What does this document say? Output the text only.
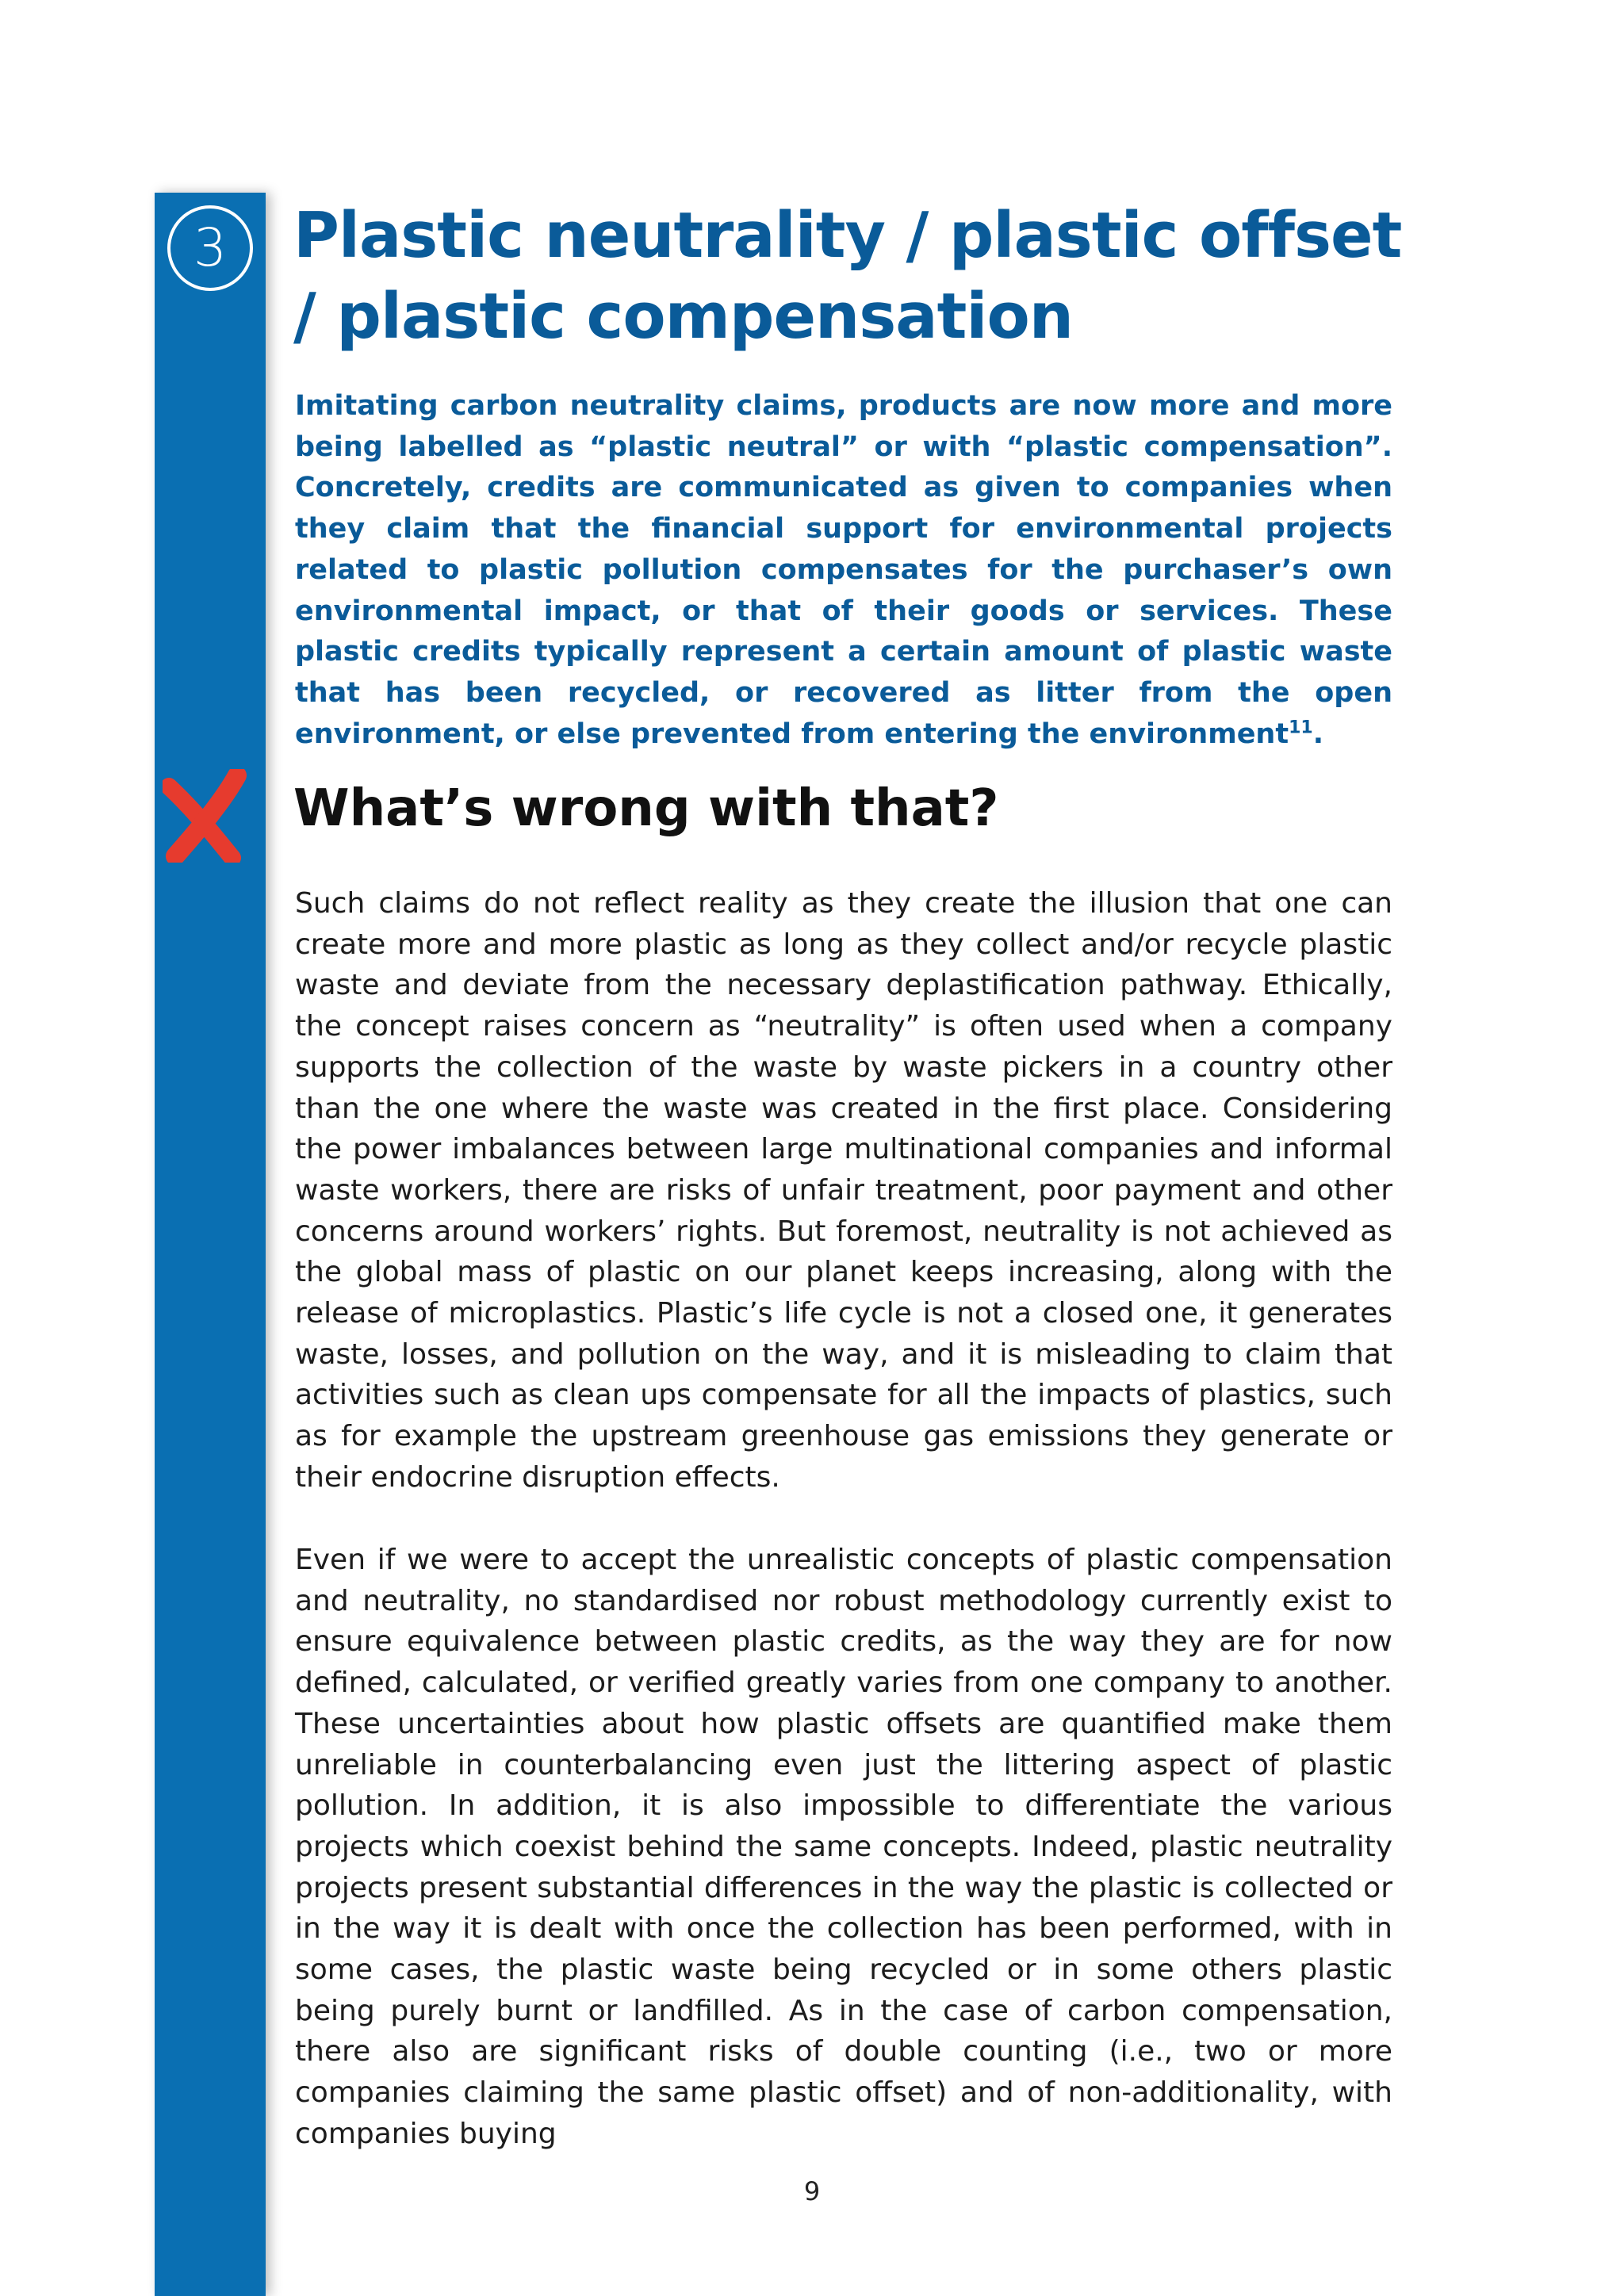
3	Plastic neutrality / plastic offset / plastic compensation

Imitating carbon neutrality claims, products are now more and more being labelled as “plastic neutral” or with “plastic compensation”. Concretely, credits are communicated as given to companies when they claim that the financial support for environmental projects related to plastic pollution compensates for the purchaser’s own environmental impact, or that of their goods or services. These plastic credits typically represent a certain amount of plastic waste that has been recycled, or recovered as litter from the open environment, or else prevented from entering the environment$^{11}$.

What’s wrong with that?

Such claims do not reflect reality as they create the illusion that one can create more and more plastic as long as they collect and/or recycle plastic waste and deviate from the necessary deplastification pathway. Ethically, the concept raises concern as “neutrality” is often used when a company supports the collection of the waste by waste pickers in a country other than the one where the waste was created in the first place. Considering the power imbalances between large multinational companies and informal waste workers, there are risks of unfair treatment, poor payment and other concerns around workers’ rights. But foremost, neutrality is not achieved as the global mass of plastic on our planet keeps increasing, along with the release of microplastics. Plastic’s life cycle is not a closed one, it generates waste, losses, and pollution on the way, and it is misleading to claim that activities such as clean ups compensate for all the impacts of plastics, such as for example the upstream greenhouse gas emissions they generate or their endocrine disruption effects.

Even if we were to accept the unrealistic concepts of plastic compensation and neutrality, no standardised nor robust methodology currently exist to ensure equivalence between plastic credits, as the way they are for now defined, calculated, or verified greatly varies from one company to another. These uncertainties about how plastic offsets are quantified make them unreliable in counterbalancing even just the littering aspect of plastic pollution. In addition, it is also impossible to differentiate the various projects which coexist behind the same concepts. Indeed, plastic neutrality projects present substantial differences in the way the plastic is collected or in the way it is dealt with once the collection has been performed, with in some cases, the plastic waste being recycled or in some others plastic being purely burnt or landfilled. As in the case of carbon compensation, there also are significant risks of double counting (i.e., two or more companies claiming the same plastic offset) and of non-additionality, with companies buying

9
